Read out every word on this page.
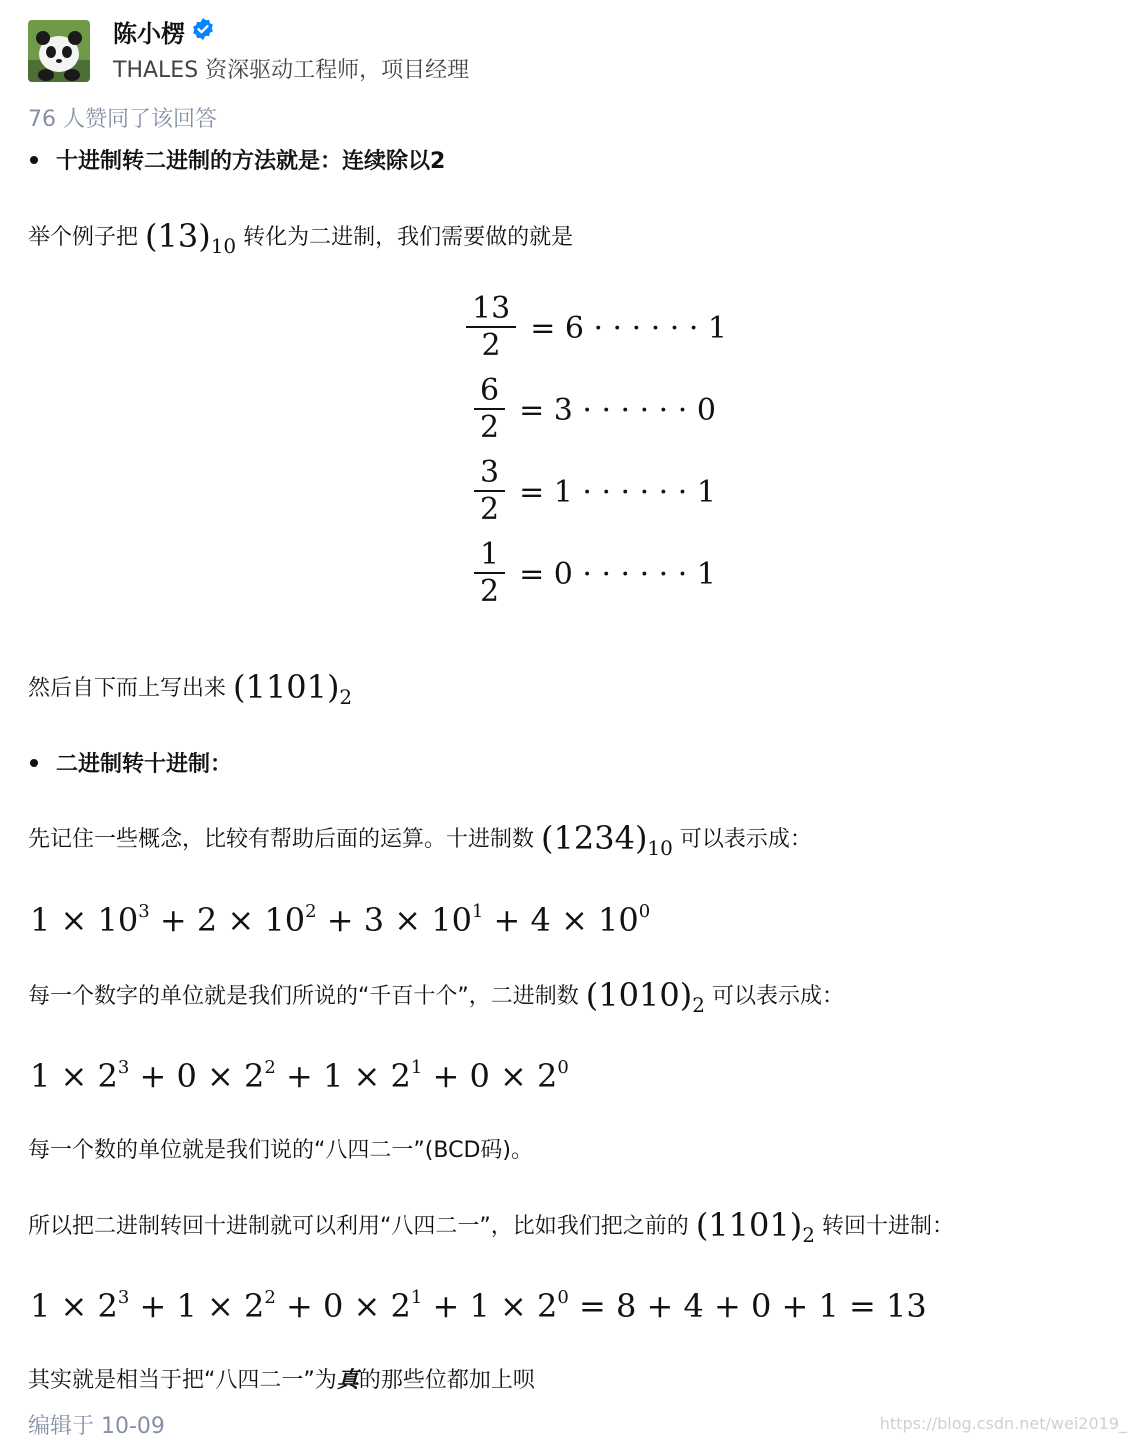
陈小楞
THALES 资深驱动工程师，项目经理
76 人赞同了该回答
十进制转二进制的方法就是：连续除以2
举个例子把 $(13)_{10}$ 转化为二进制，我们需要做的就是
$\frac{13}{2} = 6$ · · · · · · 1
$\frac{6}{2} = 3$ · · · · · · 0
$\frac{3}{2} = 1$ · · · · · · 1
$\frac{1}{2} = 0$ · · · · · · 1
然后自下而上写出来 $(1101)_2$
二进制转十进制：
先记住一些概念，比较有帮助后面的运算。十进制数 $(1234)_{10}$ 可以表示成：
$1 \times 10^3 + 2 \times 10^2 + 3 \times 10^1 + 4 \times 10^0$
每一个数字的单位就是我们所说的“千百十个”，二进制数 $(1010)_2$ 可以表示成：
$1 \times 2^3 + 0 \times 2^2 + 1 \times 2^1 + 0 \times 2^0$
每一个数的单位就是我们说的“八四二一”(BCD码)。
所以把二进制转回十进制就可以利用“八四二一”，比如我们把之前的 $(1101)_2$ 转回十进制：
$1 \times 2^3 + 1 \times 2^2 + 0 \times 2^1 + 1 \times 2^0 = 8 + 4 + 0 + 1 = 13$
其实就是相当于把“八四二一”为真的那些位都加上呗
编辑于 10-09	https://blog.csdn.net/wei2019_
